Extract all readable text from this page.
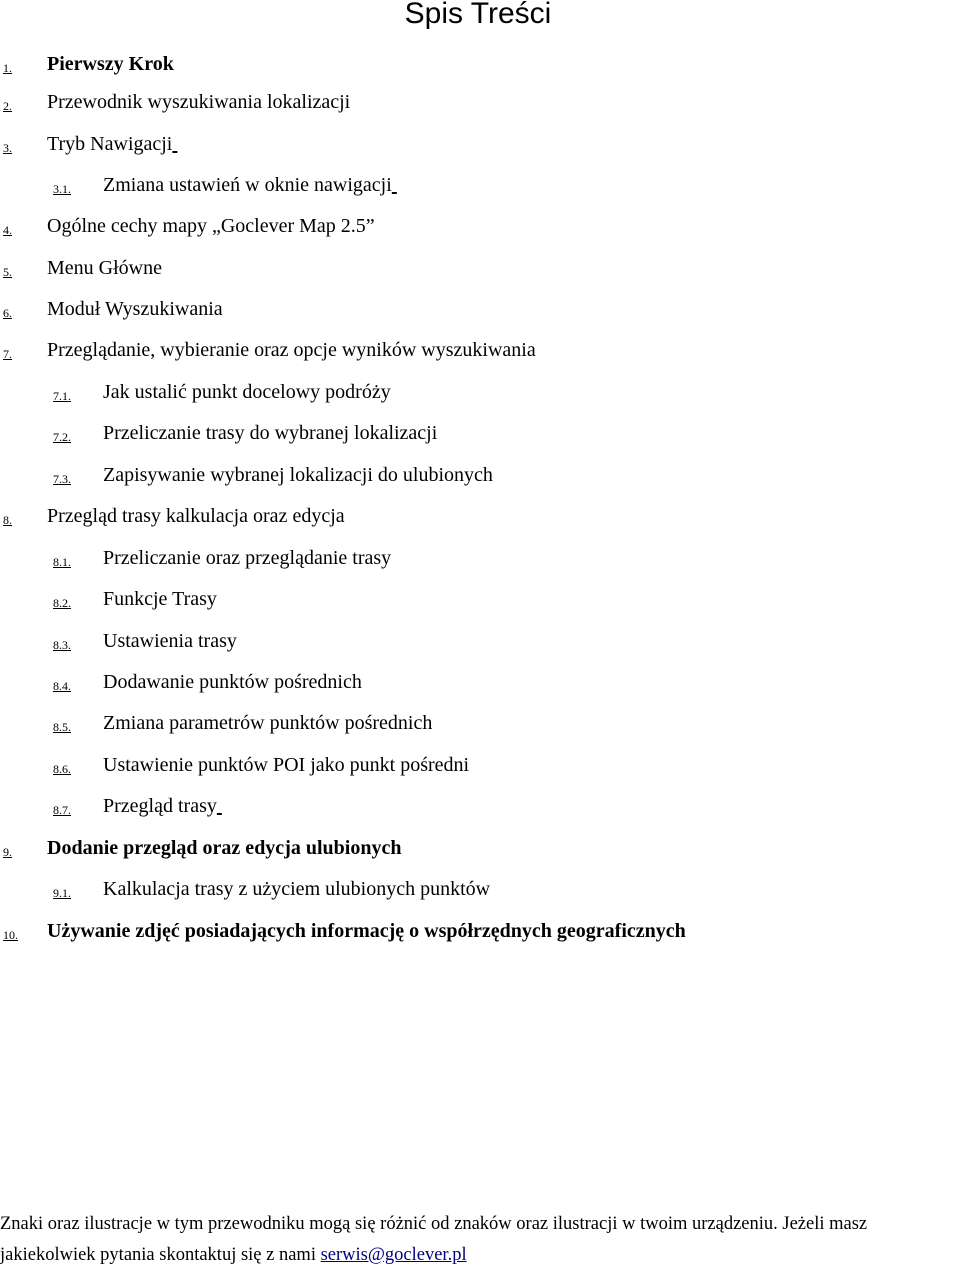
Spis Treści
1. Pierwszy Krok
2. Przewodnik wyszukiwania lokalizacji
3. Tryb Nawigacji
3.1. Zmiana ustawień w oknie nawigacji
4. Ogólne cechy mapy „Goclever Map 2.5”
5. Menu Główne
6. Moduł Wyszukiwania
7. Przeglądanie, wybieranie oraz opcje wyników wyszukiwania
7.1. Jak ustalić punkt docelowy podróży
7.2. Przeliczanie trasy do wybranej lokalizacji
7.3. Zapisywanie wybranej lokalizacji do ulubionych
8. Przegląd trasy kalkulacja oraz edycja
8.1. Przeliczanie oraz przeglądanie trasy
8.2. Funkcje Trasy
8.3. Ustawienia trasy
8.4. Dodawanie punktów pośrednich
8.5. Zmiana parametrów punktów pośrednich
8.6. Ustawienie punktów POI jako punkt pośredni
8.7. Przegląd trasy
9. Dodanie przegląd oraz edycja ulubionych
9.1. Kalkulacja trasy z użyciem ulubionych punktów
10. Używanie zdjęć posiadających informację o współrzędnych geograficznych
Znaki oraz ilustracje w tym przewodniku mogą się różnić od znaków oraz ilustracji w twoim urządzeniu. Jeżeli masz
jakiekolwiek pytania skontaktuj się z nami serwis@goclever.pl
